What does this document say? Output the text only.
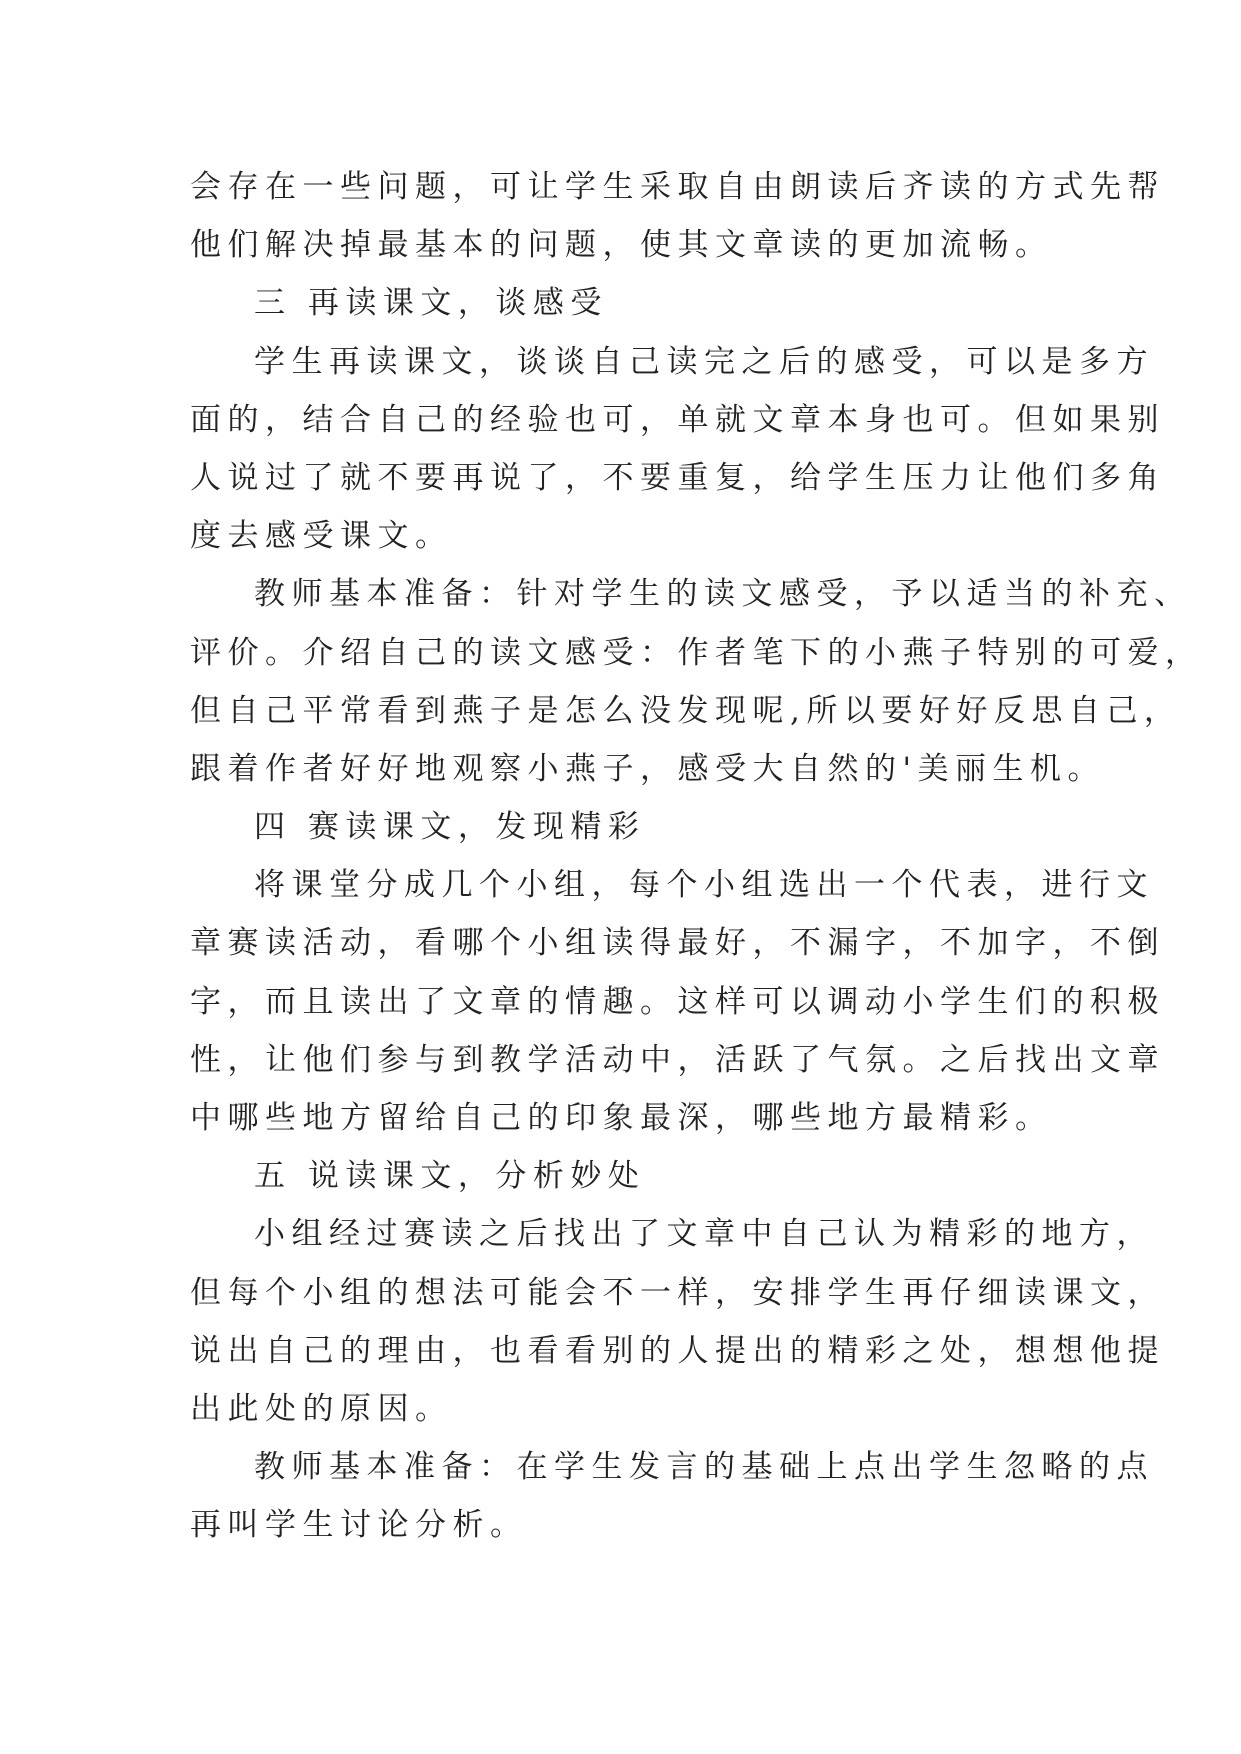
会存在一些问题，可让学生采取自由朗读后齐读的方式先帮
他们解决掉最基本的问题，使其文章读的更加流畅。
三 再读课文，谈感受
学生再读课文，谈谈自己读完之后的感受，可以是多方
面的，结合自己的经验也可，单就文章本身也可。但如果别
人说过了就不要再说了，不要重复，给学生压力让他们多角
度去感受课文。
教师基本准备：针对学生的读文感受，予以适当的补充、
评价。介绍自己的读文感受：作者笔下的小燕子特别的可爱，
但自己平常看到燕子是怎么没发现呢,所以要好好反思自己，
跟着作者好好地观察小燕子，感受大自然的'美丽生机。
四 赛读课文，发现精彩
将课堂分成几个小组，每个小组选出一个代表，进行文
章赛读活动，看哪个小组读得最好，不漏字，不加字，不倒
字，而且读出了文章的情趣。这样可以调动小学生们的积极
性，让他们参与到教学活动中，活跃了气氛。之后找出文章
中哪些地方留给自己的印象最深，哪些地方最精彩。
五 说读课文，分析妙处
小组经过赛读之后找出了文章中自己认为精彩的地方，
但每个小组的想法可能会不一样，安排学生再仔细读课文，
说出自己的理由，也看看别的人提出的精彩之处，想想他提
出此处的原因。
教师基本准备：在学生发言的基础上点出学生忽略的点
再叫学生讨论分析。
